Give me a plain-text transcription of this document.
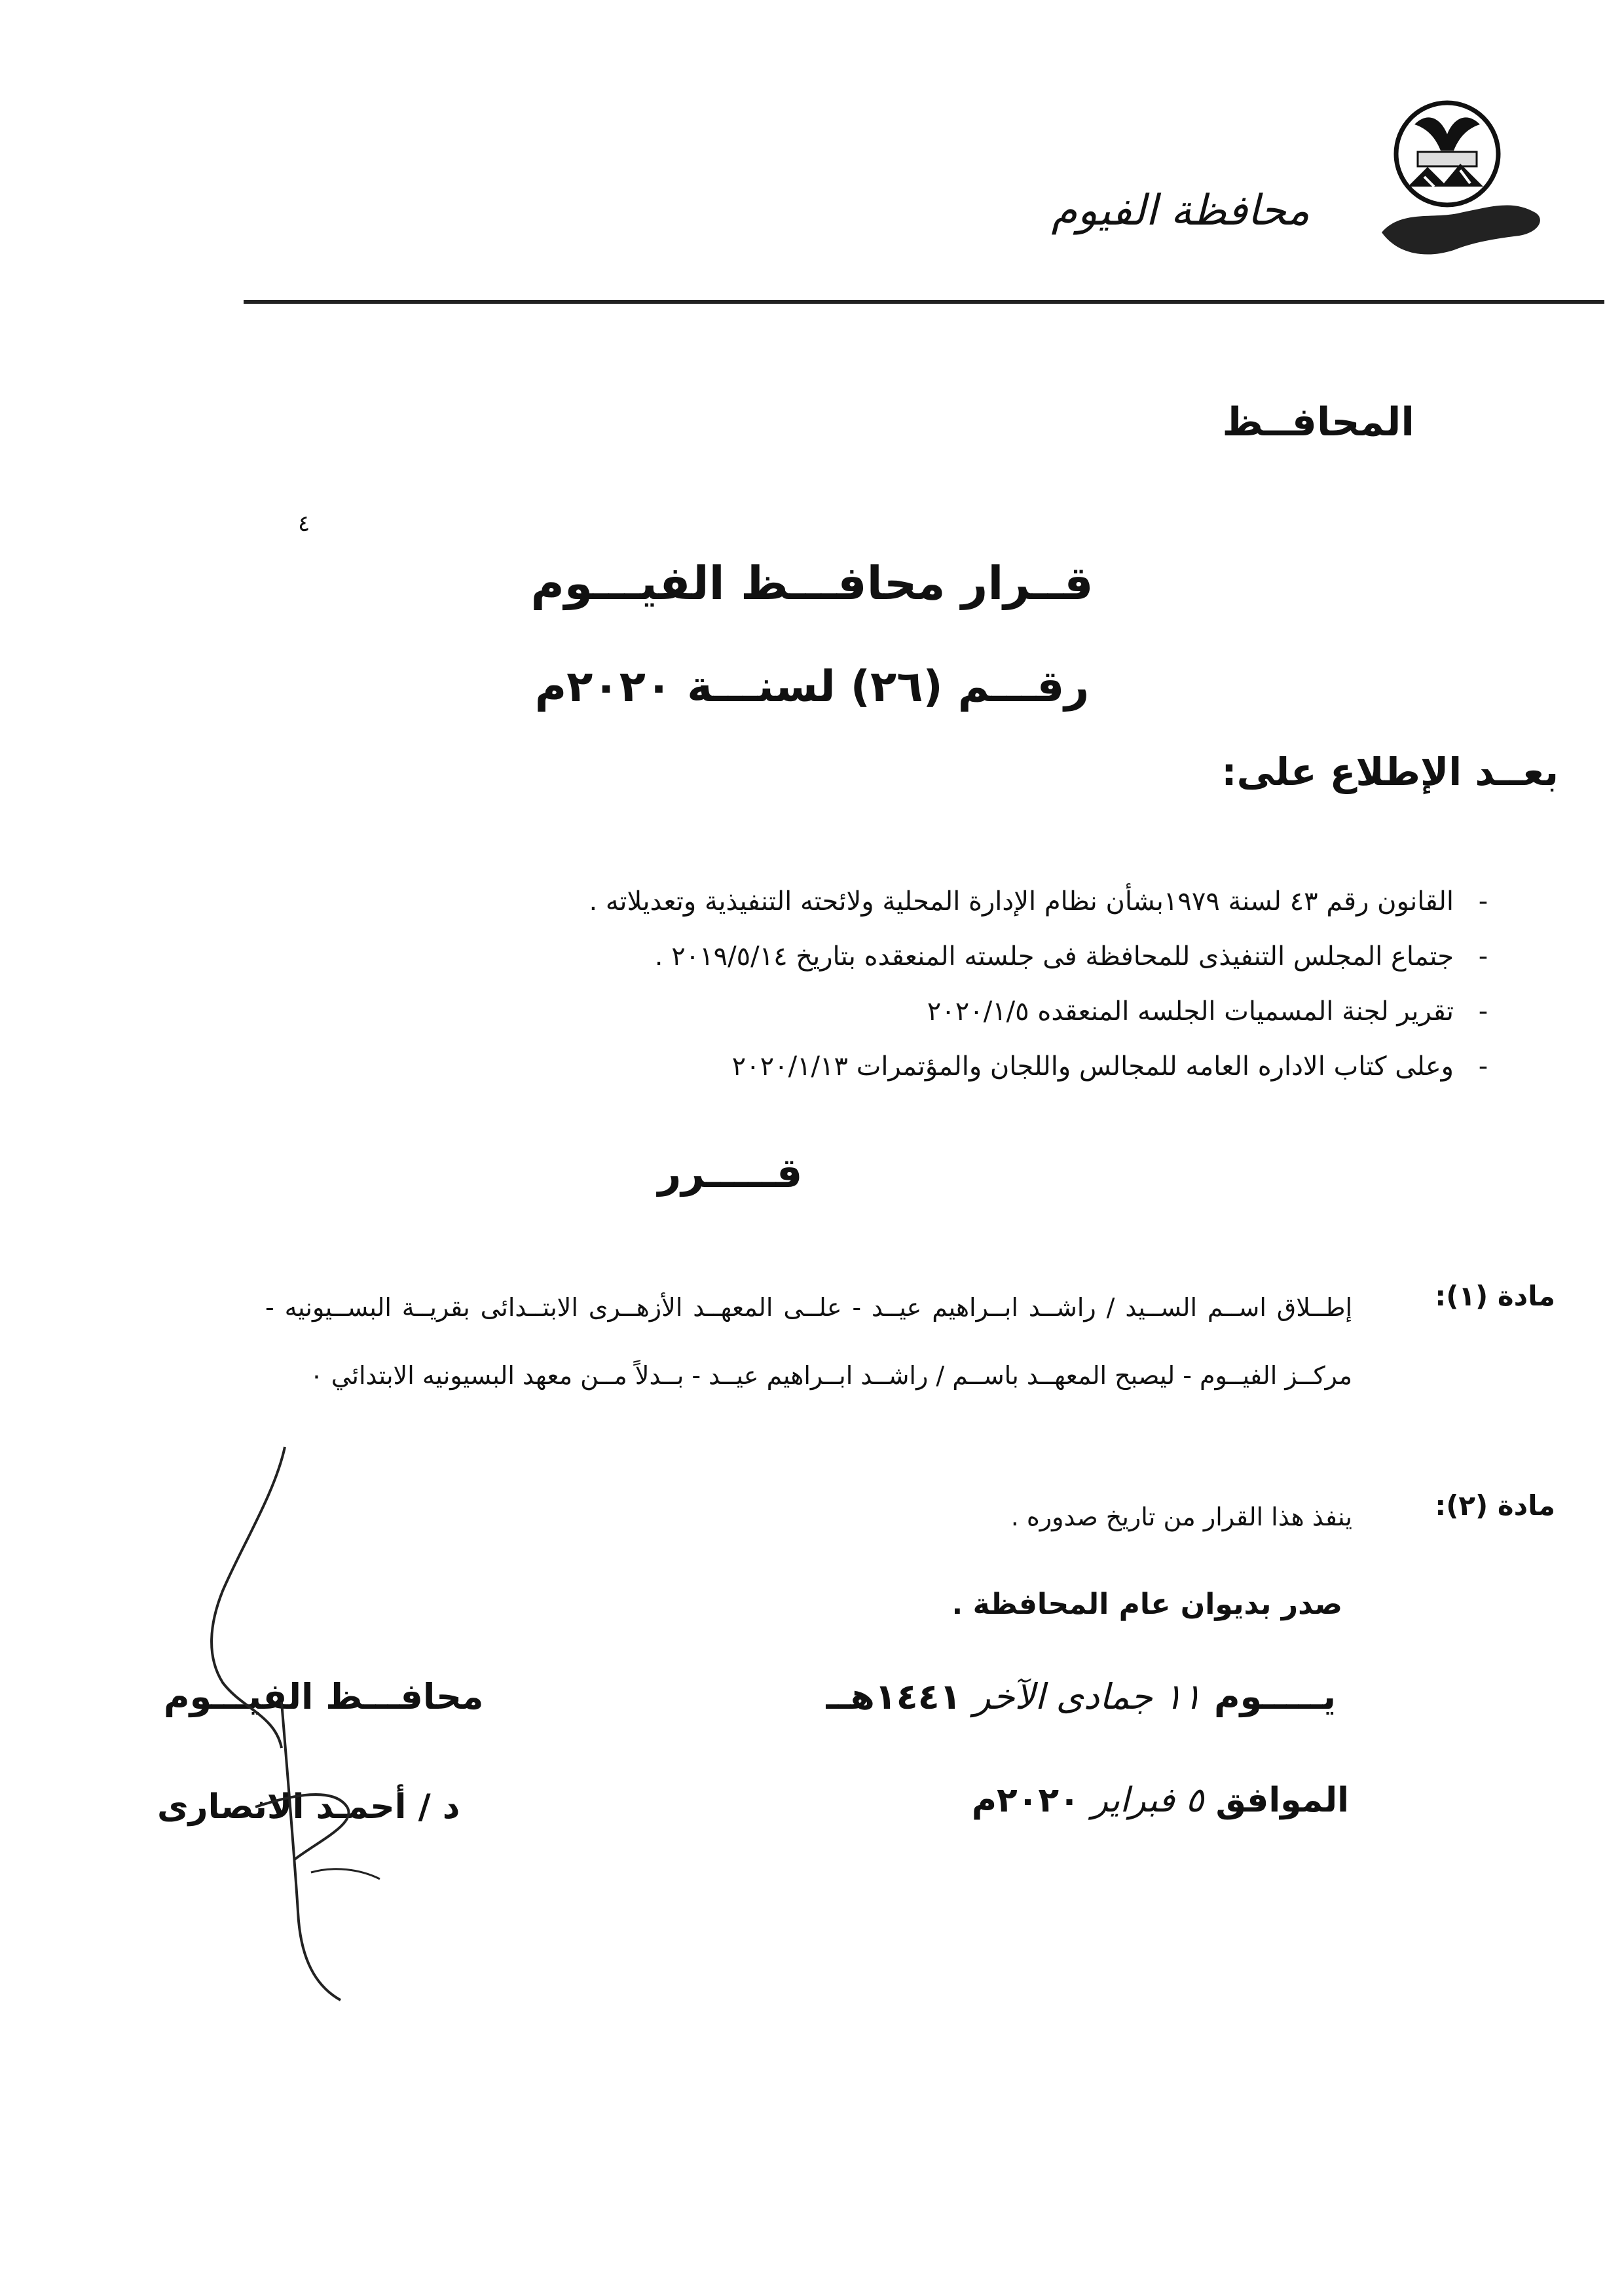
محافظة الفيوم
المحافــظ
٤
قــرار محافـــظ الفيـــوم
رقـــم (٢٦) لسنـــة ٢٠٢٠م
بعــد الإطلاع على:
-القانون رقم ٤٣ لسنة ١٩٧٩بشأن نظام الإدارة المحلية ولائحته التنفيذية وتعديلاته .
-جتماع المجلس التنفيذى للمحافظة فى جلسته المنعقده بتاريخ ٢٠١٩/٥/١٤ .
-تقرير لجنة المسميات الجلسه المنعقده ٢٠٢٠/١/٥
-وعلى كتاب الاداره العامه للمجالس واللجان والمؤتمرات ٢٠٢٠/١/١٣
قـــــرر
مادة (١):
إطــلاق اســم الســيد / راشــد ابــراهيم عيــد - علــى المعهــد الأزهــرى الابتــدائى بقريــة البســيونيه - مركــز الفيــوم - ليصبح المعهــد باســم / راشــد ابــراهيم عيــد - بــدلاً مــن معهد البسيونيه الابتدائي ٠
مادة (٢):
ينفذ هذا القرار من تاريخ صدوره .
صدر بديوان عام المحافظة .
يـــــوم ١١ جمادى الآخر ١٤٤١هــ
الموافق ٥ فبراير ٢٠٢٠م
محافـــظ الفيـــوم
د / أحمـد الانصارى
